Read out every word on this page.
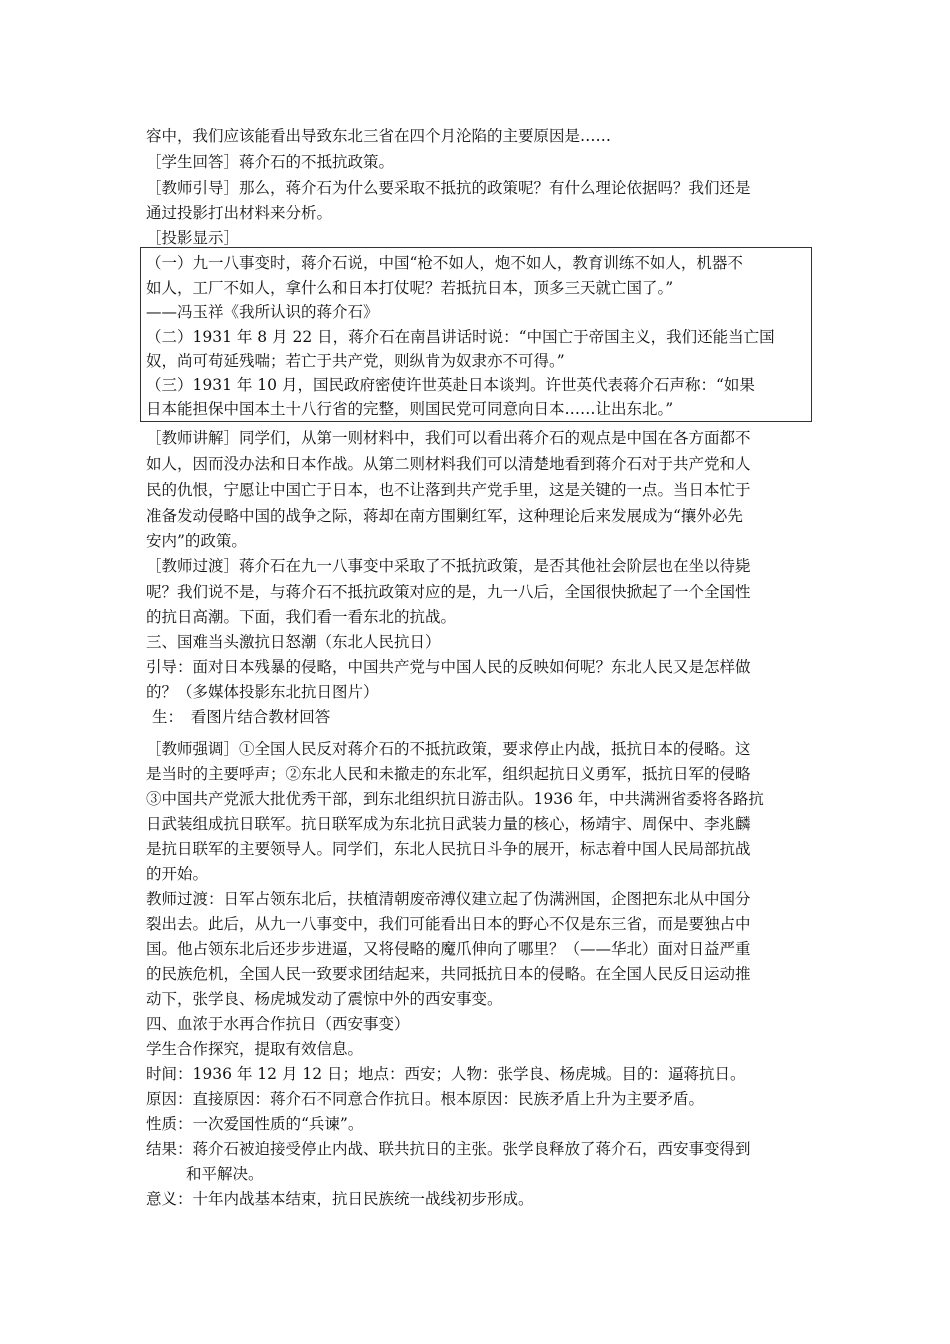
容中，我们应该能看出导致东北三省在四个月沦陷的主要原因是……
［学生回答］蒋介石的不抵抗政策。
［教师引导］那么，蒋介石为什么要采取不抵抗的政策呢？有什么理论依据吗？我们还是
通过投影打出材料来分析。
［投影显示］
（一）九一八事变时，蒋介石说，中国“枪不如人，炮不如人，教育训练不如人，机器不
如人，工厂不如人，拿什么和日本打仗呢？若抵抗日本，顶多三天就亡国了。”
——冯玉祥《我所认识的蒋介石》
（二）1931 年 8 月 22 日，蒋介石在南昌讲话时说：“中国亡于帝国主义，我们还能当亡国
奴，尚可苟延残喘；若亡于共产党，则纵肯为奴隶亦不可得。”
（三）1931 年 10 月，国民政府密使许世英赴日本谈判。许世英代表蒋介石声称：“如果
日本能担保中国本土十八行省的完整，则国民党可同意向日本……让出东北。”
［教师讲解］同学们，从第一则材料中，我们可以看出蒋介石的观点是中国在各方面都不
如人，因而没办法和日本作战。从第二则材料我们可以清楚地看到蒋介石对于共产党和人
民的仇恨，宁愿让中国亡于日本，也不让落到共产党手里，这是关键的一点。当日本忙于
准备发动侵略中国的战争之际，蒋却在南方围剿红军，这种理论后来发展成为“攘外必先
安内”的政策。
［教师过渡］蒋介石在九一八事变中采取了不抵抗政策，是否其他社会阶层也在坐以待毙
呢？我们说不是，与蒋介石不抵抗政策对应的是，九一八后，全国很快掀起了一个全国性
的抗日高潮。下面，我们看一看东北的抗战。
三、国难当头激抗日怒潮（东北人民抗日）
引导：面对日本残暴的侵略，中国共产党与中国人民的反映如何呢？东北人民又是怎样做
的？（多媒体投影东北抗日图片）
生：　看图片结合教材回答
［教师强调］①全国人民反对蒋介石的不抵抗政策，要求停止内战，抵抗日本的侵略。这
是当时的主要呼声；②东北人民和未撤走的东北军，组织起抗日义勇军，抵抗日军的侵略
③中国共产党派大批优秀干部，到东北组织抗日游击队。1936 年，中共满洲省委将各路抗
日武装组成抗日联军。抗日联军成为东北抗日武装力量的核心，杨靖宇、周保中、李兆麟
是抗日联军的主要领导人。同学们，东北人民抗日斗争的展开，标志着中国人民局部抗战
的开始。
教师过渡：日军占领东北后，扶植清朝废帝溥仪建立起了伪满洲国，企图把东北从中国分
裂出去。此后，从九一八事变中，我们可能看出日本的野心不仅是东三省，而是要独占中
国。他占领东北后还步步进逼，又将侵略的魔爪伸向了哪里？（——华北）面对日益严重
的民族危机，全国人民一致要求团结起来，共同抵抗日本的侵略。在全国人民反日运动推
动下，张学良、杨虎城发动了震惊中外的西安事变。
四、血浓于水再合作抗日（西安事变）
学生合作探究，提取有效信息。
时间：1936 年 12 月 12 日；地点：西安；人物：张学良、杨虎城。目的：逼蒋抗日。
原因：直接原因：蒋介石不同意合作抗日。根本原因：民族矛盾上升为主要矛盾。
性质：一次爱国性质的“兵谏”。
结果：蒋介石被迫接受停止内战、联共抗日的主张。张学良释放了蒋介石，西安事变得到
和平解决。
意义：十年内战基本结束，抗日民族统一战线初步形成。
